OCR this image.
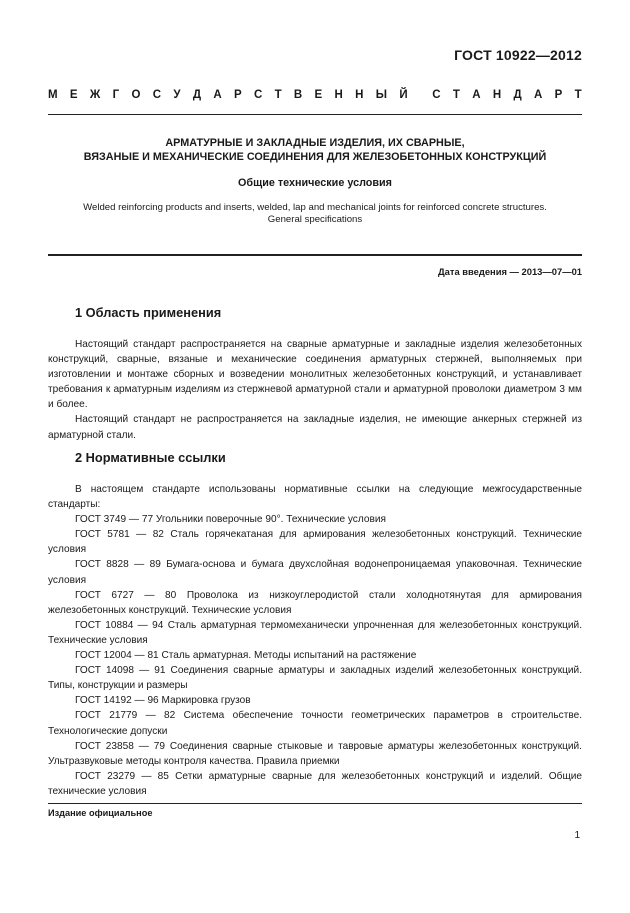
ГОСТ 10922—2012
М Е Ж Г О С У Д А Р С Т В Е Н Н Ы Й С Т А Н Д А Р Т
АРМАТУРНЫЕ И ЗАКЛАДНЫЕ ИЗДЕЛИЯ, ИХ СВАРНЫЕ,
ВЯЗАНЫЕ И МЕХАНИЧЕСКИЕ СОЕДИНЕНИЯ ДЛЯ ЖЕЛЕЗОБЕТОННЫХ КОНСТРУКЦИЙ
Общие технические условия
Welded reinforcing products and inserts, welded, lap and mechanical joints for reinforced concrete structures.
General specifications
Дата введения — 2013—07—01
1 Область применения

Настоящий стандарт распространяется на сварные арматурные и закладные изделия железобетонных конструкций, сварные, вязаные и механические соединения арматурных стержней, выполняемых при изготовлении и монтаже сборных и возведении монолитных железобетонных конструкций, и устанавливает требования к арматурным изделиям из стержневой арматурной стали и арматурной проволоки диаметром 3 мм и более.

Настоящий стандарт не распространяется на закладные изделия, не имеющие анкерных стержней из арматурной стали.

2 Нормативные ссылки

В настоящем стандарте использованы нормативные ссылки на следующие межгосударственные стандарты:

ГОСТ 3749 — 77 Угольники поверочные 90°. Технические условия

ГОСТ 5781 — 82 Сталь горячекатаная для армирования железобетонных конструкций. Технические условия

ГОСТ 8828 — 89 Бумага-основа и бумага двухслойная водонепроницаемая упаковочная. Технические условия

ГОСТ 6727 — 80 Проволока из низкоуглеродистой стали холоднотянутая для армирования железобетонных конструкций. Технические условия

ГОСТ 10884 — 94 Сталь арматурная термомеханически упрочненная для железобетонных конструкций. Технические условия

ГОСТ 12004 — 81 Сталь арматурная. Методы испытаний на растяжение

ГОСТ 14098 — 91 Соединения сварные арматуры и закладных изделий железобетонных конструкций. Типы, конструкции и размеры

ГОСТ 14192 — 96 Маркировка грузов

ГОСТ 21779 — 82 Система обеспечение точности геометрических параметров в строительстве. Технологические допуски

ГОСТ 23858 — 79 Соединения сварные стыковые и тавровые арматуры железобетонных конструкций. Ультразвуковые методы контроля качества. Правила приемки

ГОСТ 23279 — 85 Сетки арматурные сварные для железобетонных конструкций и изделий. Общие технические условия

Издание официальное
1
